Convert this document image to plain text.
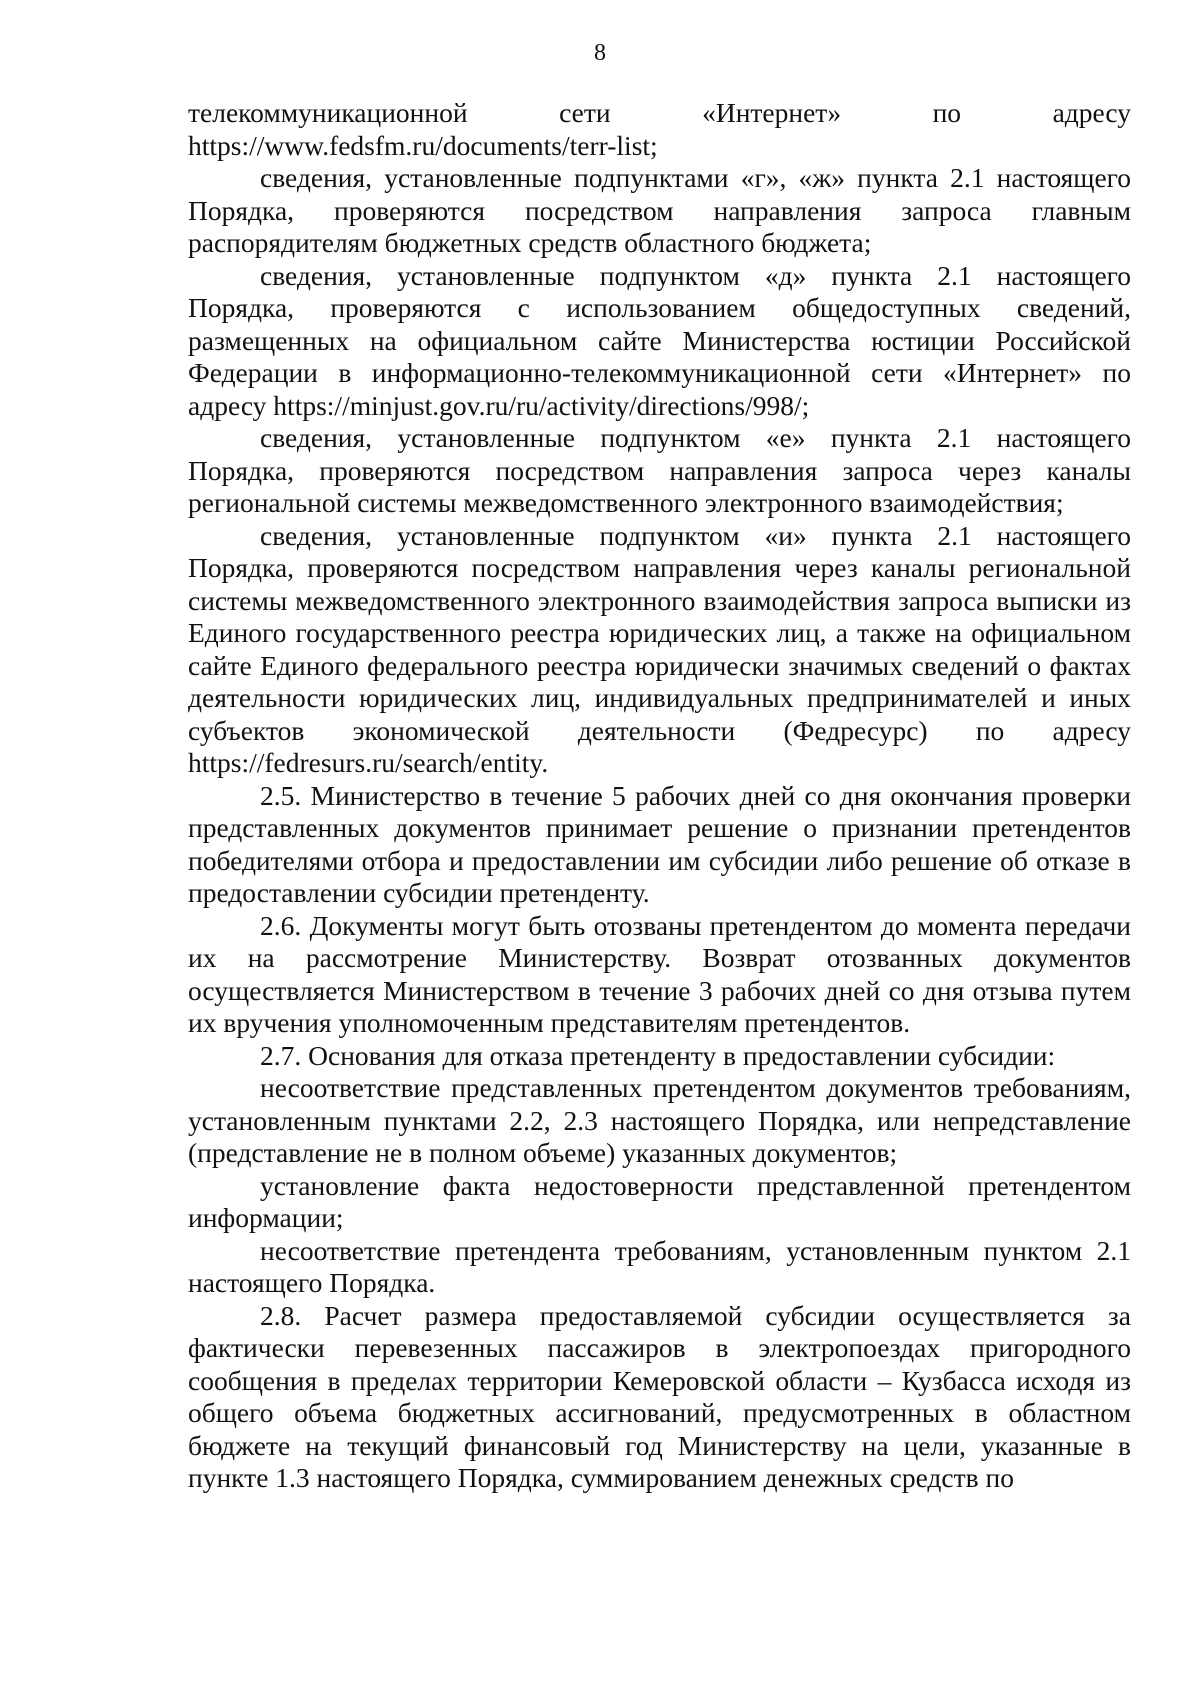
8

телекоммуникационной сети «Интернет» по адресу https://www.fedsfm.ru/documents/terr-list;

сведения, установленные подпунктами «г», «ж» пункта 2.1 настоящего Порядка, проверяются посредством направления запроса главным распорядителям бюджетных средств областного бюджета;

сведения, установленные подпунктом «д» пункта 2.1 настоящего Порядка, проверяются с использованием общедоступных сведений, размещенных на официальном сайте Министерства юстиции Российской Федерации в информационно-телекоммуникационной сети «Интернет» по адресу https://minjust.gov.ru/ru/activity/directions/998/;

сведения, установленные подпунктом «е» пункта 2.1 настоящего Порядка, проверяются посредством направления запроса через каналы региональной системы межведомственного электронного взаимодействия;

сведения, установленные подпунктом «и» пункта 2.1 настоящего Порядка, проверяются посредством направления через каналы региональной системы межведомственного электронного взаимодействия запроса выписки из Единого государственного реестра юридических лиц, а также на официальном сайте Единого федерального реестра юридически значимых сведений о фактах деятельности юридических лиц, индивидуальных предпринимателей и иных субъектов экономической деятельности (Федресурс) по адресу https://fedresurs.ru/search/entity.

2.5. Министерство в течение 5 рабочих дней со дня окончания проверки представленных документов принимает решение о признании претендентов победителями отбора и предоставлении им субсидии либо решение об отказе в предоставлении субсидии претенденту.

2.6. Документы могут быть отозваны претендентом до момента передачи их на рассмотрение Министерству. Возврат отозванных документов осуществляется Министерством в течение 3 рабочих дней со дня отзыва путем их вручения уполномоченным представителям претендентов.

2.7. Основания для отказа претенденту в предоставлении субсидии:

несоответствие представленных претендентом документов требованиям, установленным пунктами 2.2, 2.3 настоящего Порядка, или непредставление (представление не в полном объеме) указанных документов;

установление факта недостоверности представленной претендентом информации;

несоответствие претендента требованиям, установленным пунктом 2.1 настоящего Порядка.

2.8. Расчет размера предоставляемой субсидии осуществляется за фактически перевезенных пассажиров в электропоездах пригородного сообщения в пределах территории Кемеровской области – Кузбасса исходя из общего объема бюджетных ассигнований, предусмотренных в областном бюджете на текущий финансовый год Министерству на цели, указанные в пункте 1.3 настоящего Порядка, суммированием денежных средств по
